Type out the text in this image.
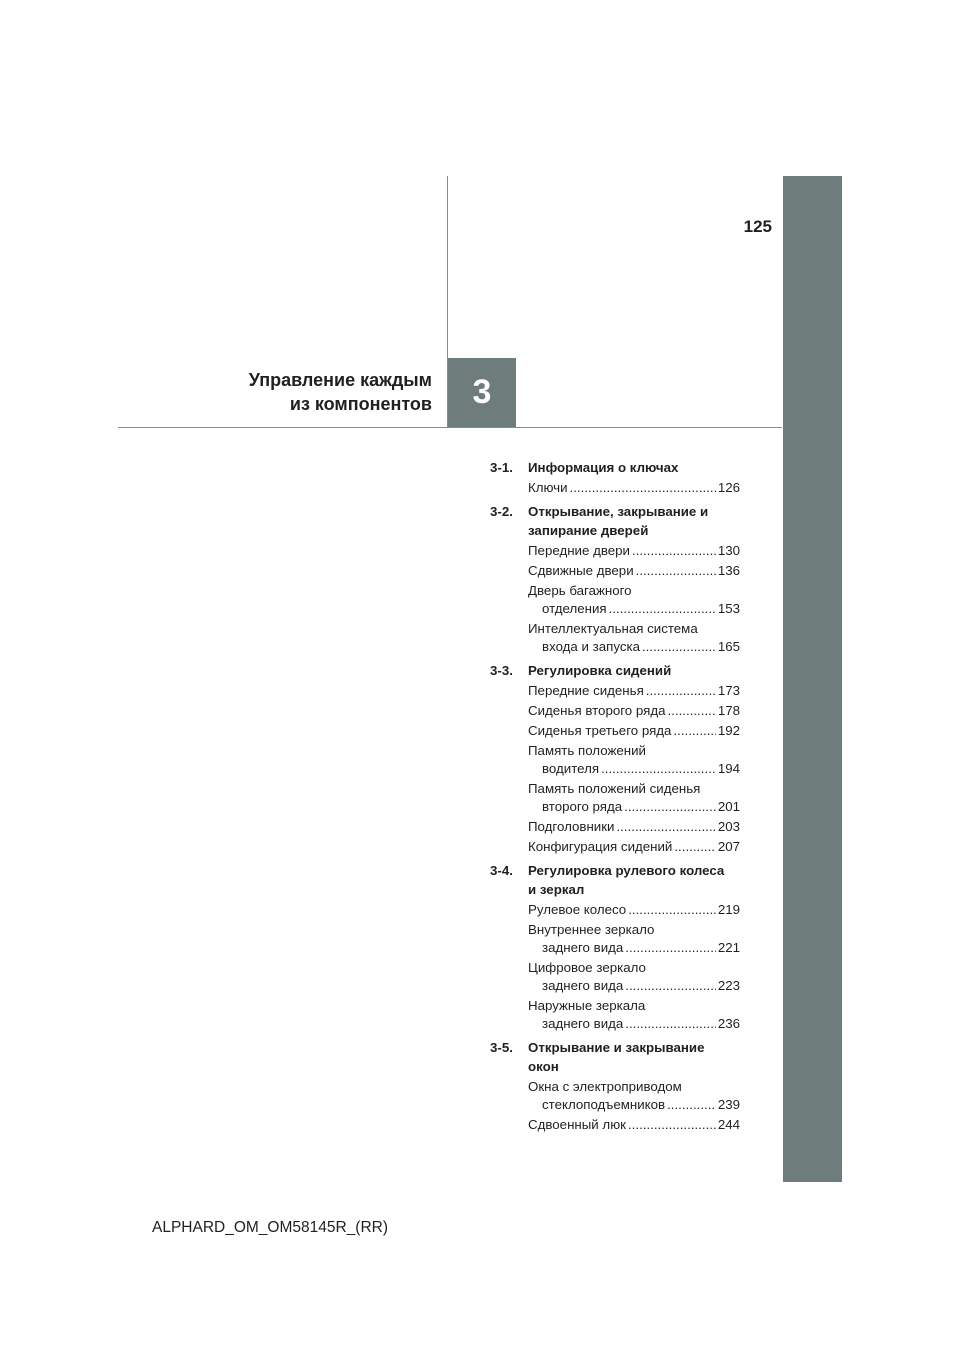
3
125
Управление каждым
из компонентов
3-1.	Информация о ключах
Ключи .....	126
3-2.	Открывание, закрывание и запирание дверей
Передние двери .....	130
Сдвижные двери .....	136
Дверь багажного
отделения .....	153
Интеллектуальная система
входа и запуска .....	165
3-3.	Регулировка сидений
Передние сиденья .....	173
Сиденья второго ряда .....	178
Сиденья третьего ряда .....	192
Память положений
водителя .....	194
Память положений сиденья
второго ряда .....	201
Подголовники .....	203
Конфигурация сидений .....	207
3-4.	Регулировка рулевого колеса и зеркал
Рулевое колесо .....	219
Внутреннее зеркало
заднего вида .....	221
Цифровое зеркало
заднего вида .....	223
Наружные зеркала
заднего вида .....	236
3-5.	Открывание и закрывание окон
Окна с электроприводом
стеклоподъемников .....	239
Сдвоенный люк .....	244
ALPHARD_OM_OM58145R_(RR)
